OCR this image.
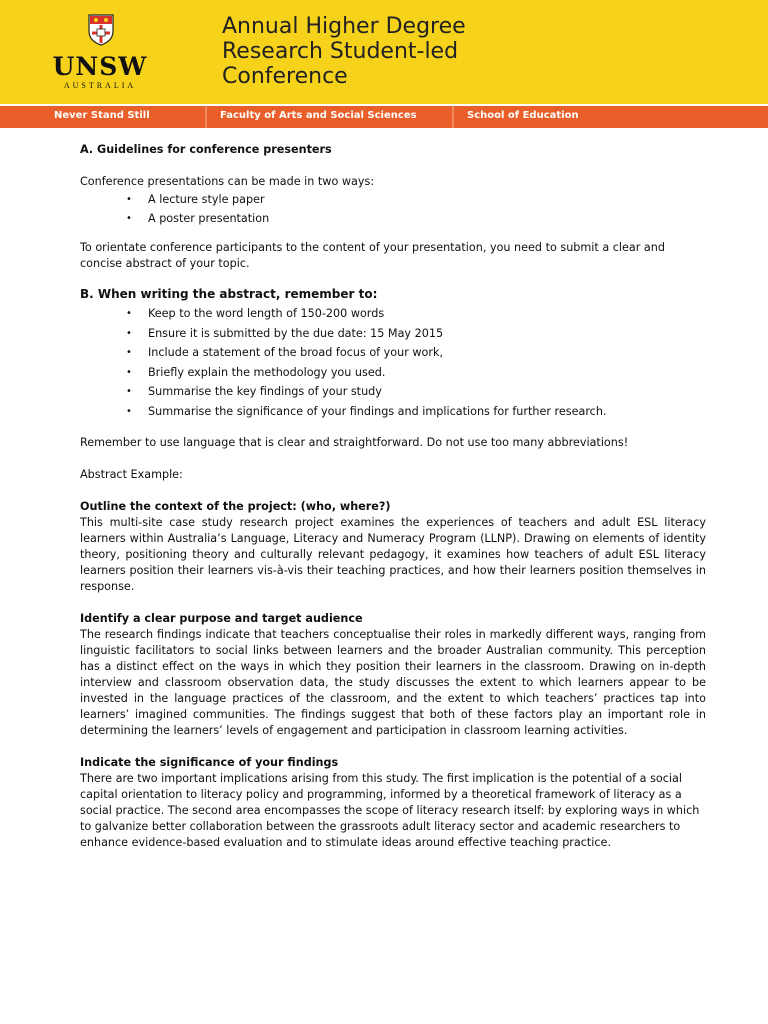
UNSW
AUSTRALIA
Annual Higher Degree
Research Student-led
Conference
Never Stand Still	Faculty of Arts and Social Sciences	School of Education

A. Guidelines for conference presenters

Conference presentations can be made in two ways:

• A lecture style paper
• A poster presentation

To orientate conference participants to the content of your presentation, you need to submit a clear and concise abstract of your topic.

B. When writing the abstract, remember to:

• Keep to the word length of 150-200 words
• Ensure it is submitted by the due date: 15 May 2015
• Include a statement of the broad focus of your work,
• Briefly explain the methodology you used.
• Summarise the key findings of your study
• Summarise the significance of your findings and implications for further research.

Remember to use language that is clear and straightforward. Do not use too many abbreviations!

Abstract Example:

Outline the context of the project: (who, where?)

This multi-site case study research project examines the experiences of teachers and adult ESL literacy learners within Australia’s Language, Literacy and Numeracy Program (LLNP). Drawing on elements of identity theory, positioning theory and culturally relevant pedagogy, it examines how teachers of adult ESL literacy learners position their learners vis-à-vis their teaching practices, and how their learners position themselves in response.

Identify a clear purpose and target audience

The research findings indicate that teachers conceptualise their roles in markedly different ways, ranging from linguistic facilitators to social links between learners and the broader Australian community. This perception has a distinct effect on the ways in which they position their learners in the classroom. Drawing on in-depth interview and classroom observation data, the study discusses the extent to which learners appear to be invested in the language practices of the classroom, and the extent to which teachers’ practices tap into learners’ imagined communities. The findings suggest that both of these factors play an important role in determining the learners’ levels of engagement and participation in classroom learning activities.

Indicate the significance of your findings

There are two important implications arising from this study. The first implication is the potential of a social capital orientation to literacy policy and programming, informed by a theoretical framework of literacy as a social practice. The second area encompasses the scope of literacy research itself: by exploring ways in which to galvanize better collaboration between the grassroots adult literacy sector and academic researchers to enhance evidence-based evaluation and to stimulate ideas around effective teaching practice.
